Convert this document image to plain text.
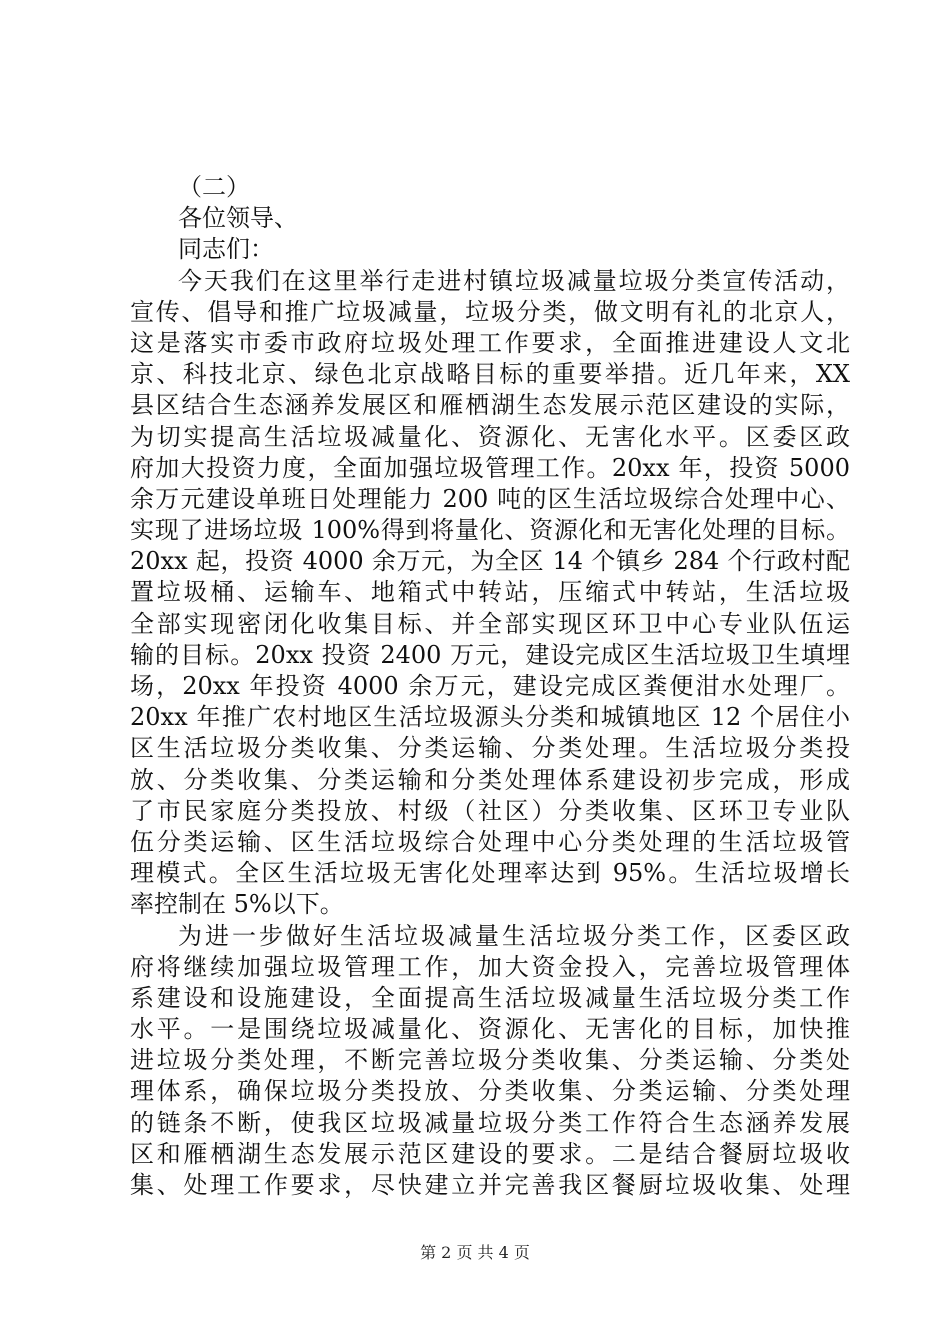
（二）
各位领导、
同志们：
今天我们在这里举行走进村镇垃圾减量垃圾分类宣传活动，
宣传、倡导和推广垃圾减量，垃圾分类，做文明有礼的北京人，
这是落实市委市政府垃圾处理工作要求，全面推进建设人文北
京、科技北京、绿色北京战略目标的重要举措。近几年来，XX
县区结合生态涵养发展区和雁栖湖生态发展示范区建设的实际，
为切实提高生活垃圾减量化、资源化、无害化水平。区委区政
府加大投资力度，全面加强垃圾管理工作。20xx 年，投资 5000
余万元建设单班日处理能力 200 吨的区生活垃圾综合处理中心、
实现了进场垃圾 100%得到将量化、资源化和无害化处理的目标。
20xx 起，投资 4000 余万元，为全区 14 个镇乡 284 个行政村配
置垃圾桶、运输车、地箱式中转站，压缩式中转站，生活垃圾
全部实现密闭化收集目标、并全部实现区环卫中心专业队伍运
输的目标。20xx 投资 2400 万元，建设完成区生活垃圾卫生填埋
场，20xx 年投资 4000 余万元，建设完成区粪便泔水处理厂。
20xx 年推广农村地区生活垃圾源头分类和城镇地区 12 个居住小
区生活垃圾分类收集、分类运输、分类处理。生活垃圾分类投
放、分类收集、分类运输和分类处理体系建设初步完成，形成
了市民家庭分类投放、村级（社区）分类收集、区环卫专业队
伍分类运输、区生活垃圾综合处理中心分类处理的生活垃圾管
理模式。全区生活垃圾无害化处理率达到 95%。生活垃圾增长
率控制在 5%以下。
为进一步做好生活垃圾减量生活垃圾分类工作，区委区政
府将继续加强垃圾管理工作，加大资金投入，完善垃圾管理体
系建设和设施建设，全面提高生活垃圾减量生活垃圾分类工作
水平。一是围绕垃圾减量化、资源化、无害化的目标，加快推
进垃圾分类处理，不断完善垃圾分类收集、分类运输、分类处
理体系，确保垃圾分类投放、分类收集、分类运输、分类处理
的链条不断，使我区垃圾减量垃圾分类工作符合生态涵养发展
区和雁栖湖生态发展示范区建设的要求。二是结合餐厨垃圾收
集、处理工作要求，尽快建立并完善我区餐厨垃圾收集、处理
第 2 页 共 4 页
